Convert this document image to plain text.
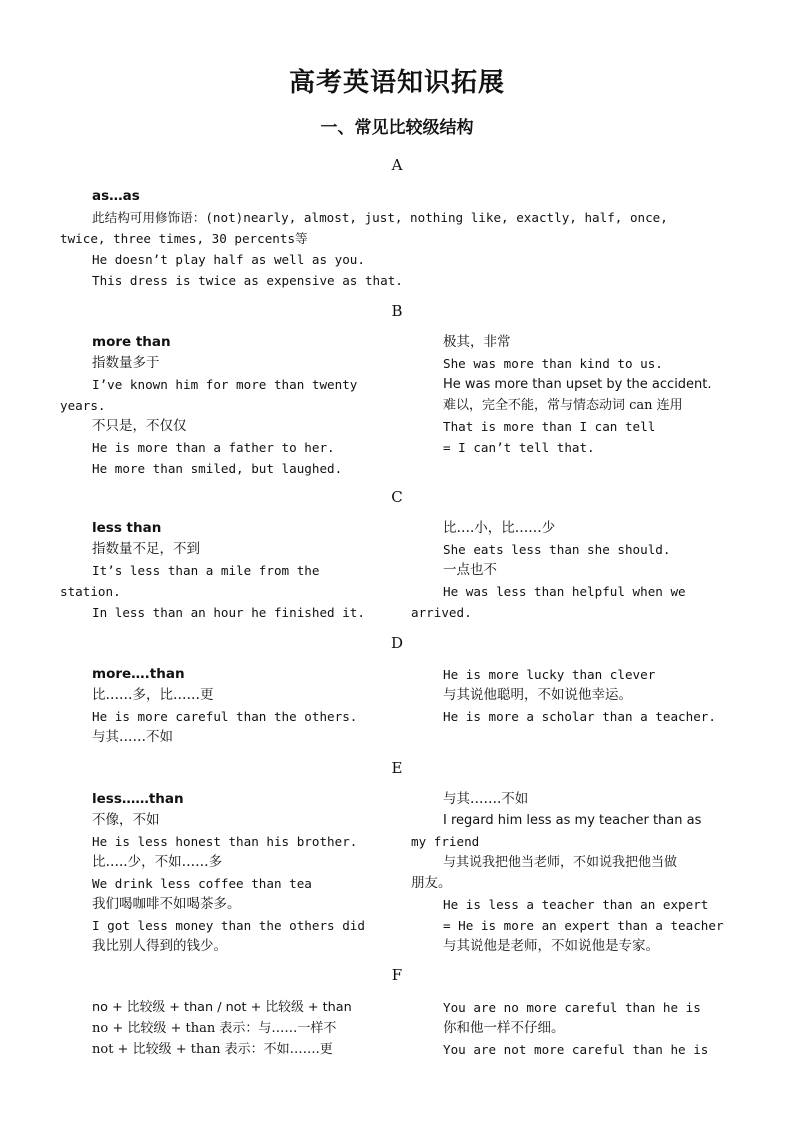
高考英语知识拓展
一、常见比较级结构
A
as…as
此结构可用修饰语：(not)nearly, almost, just, nothing like, exactly, half, once,
twice, three times, 30 percents等
He doesn’t play half as well as you.
This dress is twice as expensive as that.
B
more than
指数量多于
I’ve known him for more than twenty
years.
不只是，不仅仅
He is more than a father to her.
He more than smiled, but laughed.
极其，非常
She was more than kind to us.
He was more than upset by the accident.
难以，完全不能，常与情态动词 can 连用
That is more than I can tell
= I can’t tell that.
C
less than
指数量不足，不到
It’s less than a mile from the
station.
In less than an hour he finished it.
比….小，比……少
She eats less than she should.
一点也不
He was less than helpful when we
arrived.
D
more….than
比……多，比……更
He is more careful than the others.
与其……不如
He is more lucky than clever
与其说他聪明，不如说他幸运。
He is more a scholar than a teacher.
E
less……than
不像，不如
He is less honest than his brother.
比…..少，不如……多
We drink less coffee than tea
我们喝咖啡不如喝茶多。
I got less money than the others did
我比别人得到的钱少。
与其…….不如
I regard him less as my teacher than as
my friend
与其说我把他当老师，不如说我把他当做
朋友。
He is less a teacher than an expert
= He is more an expert than a teacher
与其说他是老师，不如说他是专家。
F
no + 比较级 + than / not + 比较级 + than
no + 比较级 + than 表示：与……一样不
not + 比较级 + than 表示：不如…….更
You are no more careful than he is
你和他一样不仔细。
You are not more careful than he is
